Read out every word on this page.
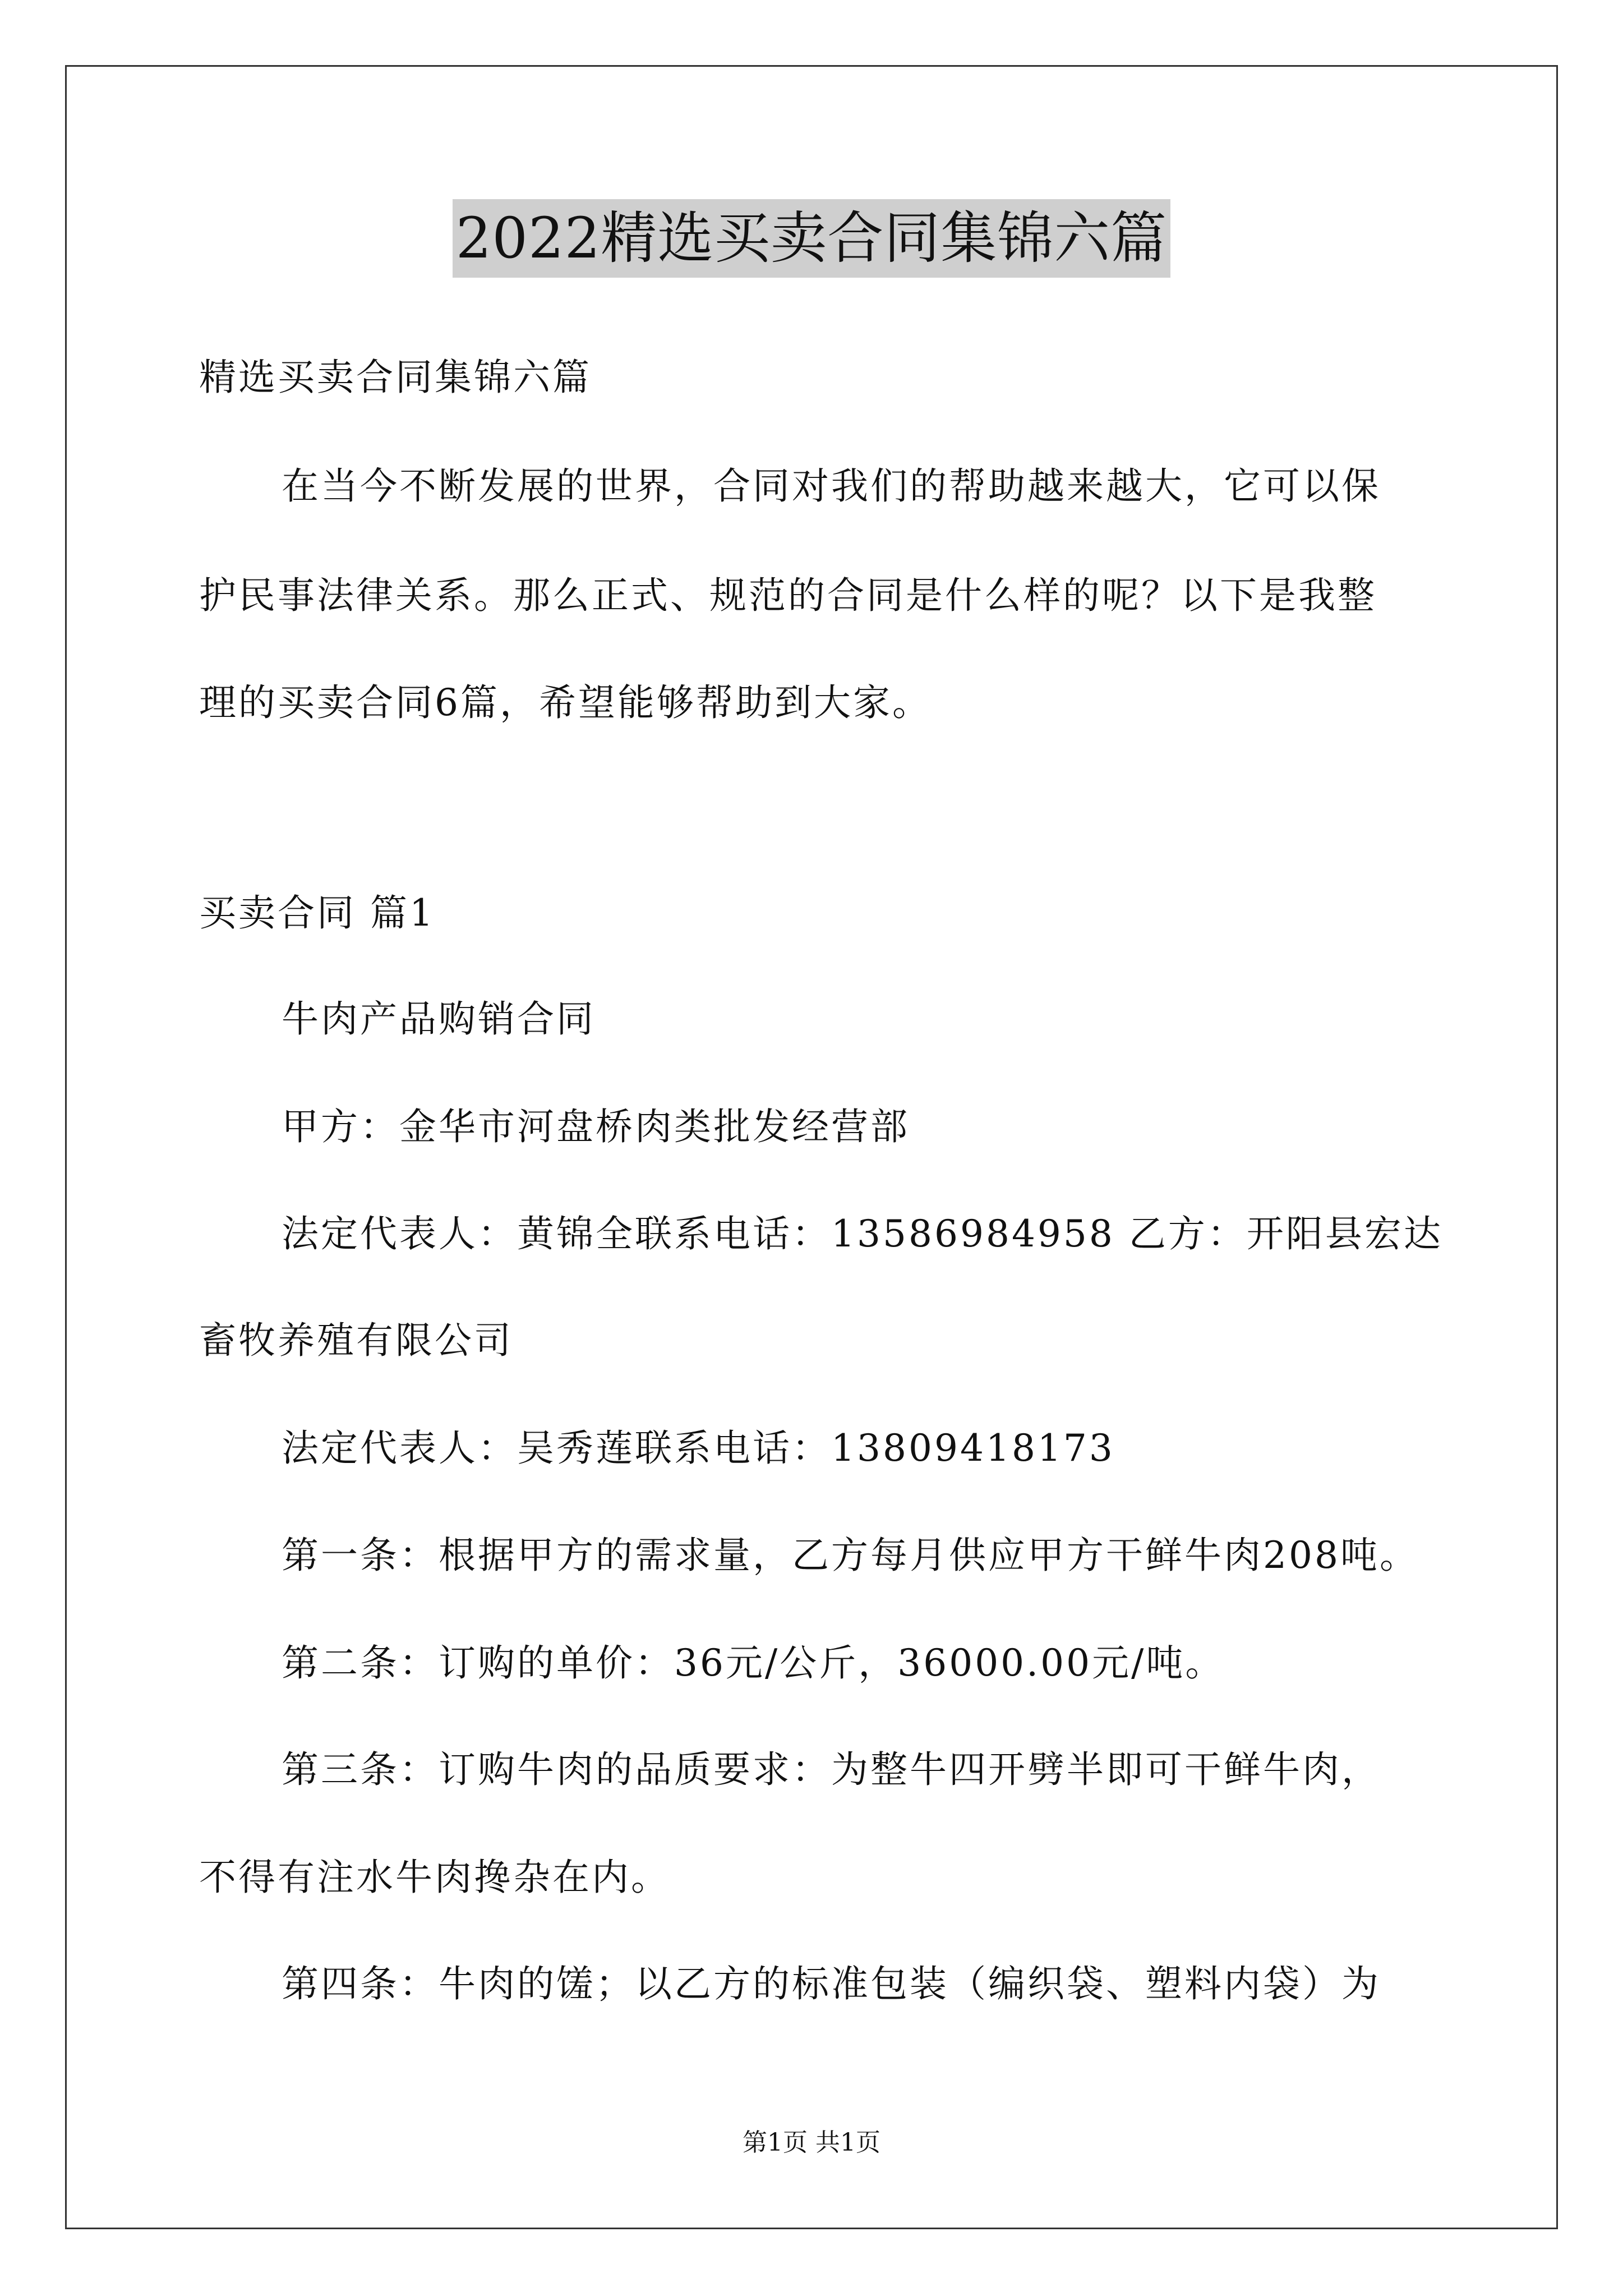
2022精选买卖合同集锦六篇
精选买卖合同集锦六篇
在当今不断发展的世界，合同对我们的帮助越来越大，它可以保
护民事法律关系。那么正式、规范的合同是什么样的呢？以下是我整
理的买卖合同6篇，希望能够帮助到大家。
买卖合同 篇1
牛肉产品购销合同
甲方：金华市河盘桥肉类批发经营部
法定代表人：黄锦全联系电话：13586984958 乙方：开阳县宏达
畜牧养殖有限公司
法定代表人：吴秀莲联系电话：13809418173
第一条：根据甲方的需求量，乙方每月供应甲方干鲜牛肉208吨。
第二条：订购的单价：36元/公斤，36000.00元/吨。
第三条：订购牛肉的品质要求：为整牛四开劈半即可干鲜牛肉，
不得有注水牛肉搀杂在内。
第四条：牛肉的馐；以乙方的标准包装（编织袋、塑料内袋）为
第1页 共1页
